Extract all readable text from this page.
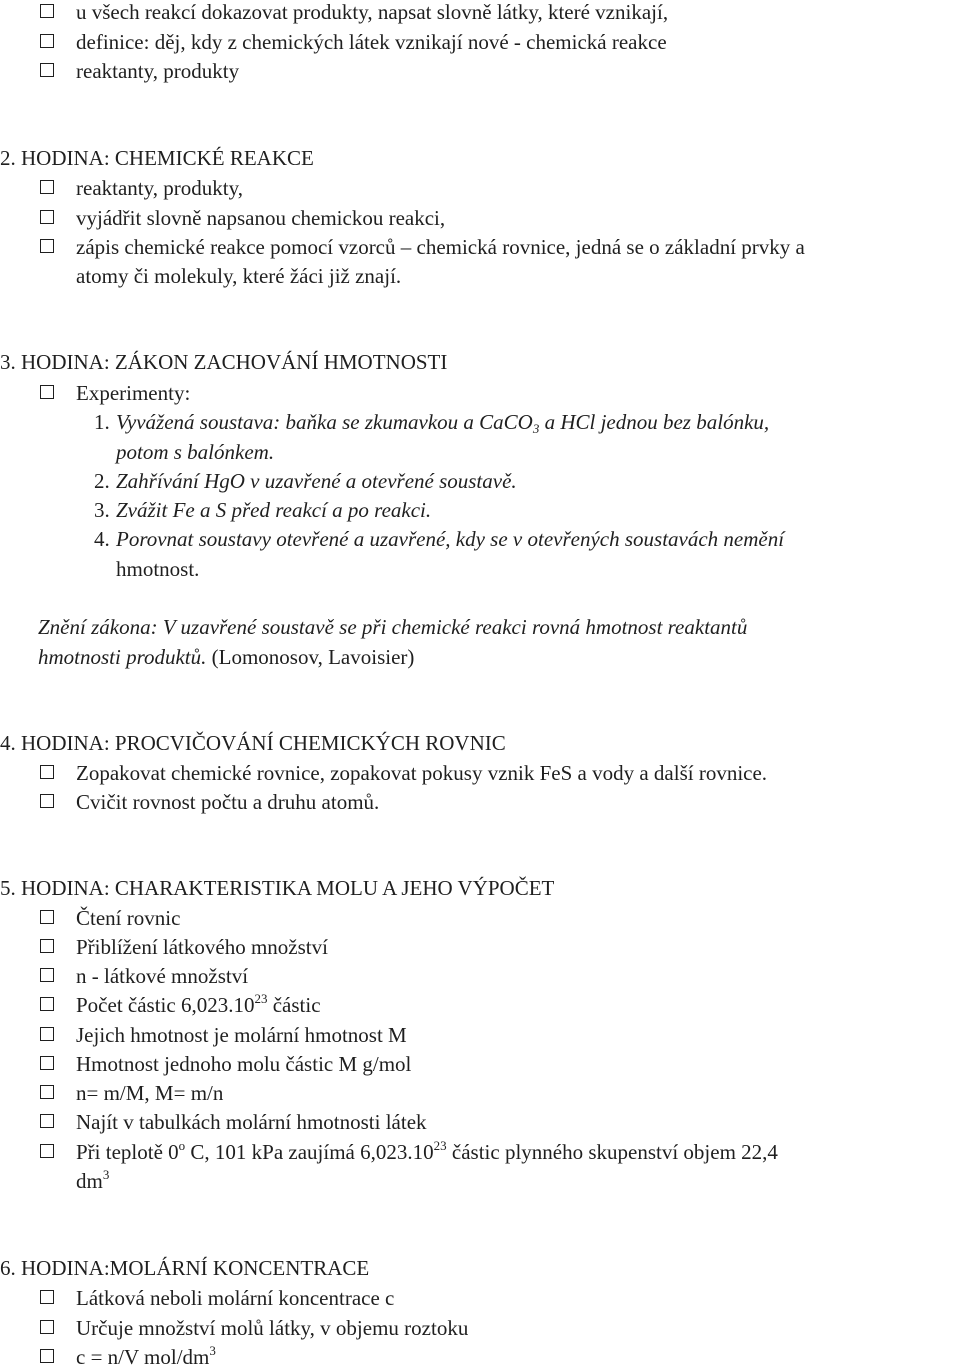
u všech reakcí dokazovat produkty, napsat slovně látky, které vznikají,
definice: děj, kdy z chemických látek vznikají nové - chemická reakce
reaktanty, produkty
2. HODINA: CHEMICKÉ REAKCE
reaktanty, produkty,
vyjádřit slovně napsanou chemickou reakci,
zápis chemické reakce pomocí vzorců – chemická rovnice, jedná se o základní prvky a
atomy či molekuly, které žáci již znají.
3. HODINA: ZÁKON ZACHOVÁNÍ HMOTNOSTI
Experimenty:
1. Vyvážená soustava: baňka se zkumavkou a CaCO$_3$ a HCl jednou bez balónku,
potom s balónkem.
2. Zahřívání HgO v uzavřené a otevřené soustavě.
3. Zvážit Fe a S před reakcí a po reakci.
4. Porovnat soustavy otevřené a uzavřené, kdy se v otevřených soustavách nemění
hmotnost.
Znění zákona: V uzavřené soustavě se při chemické reakci rovná hmotnost reaktantů
hmotnosti produktů. (Lomonosov, Lavoisier)
4. HODINA: PROCVIČOVÁNÍ CHEMICKÝCH ROVNIC
Zopakovat chemické rovnice, zopakovat pokusy vznik FeS a vody a další rovnice.
Cvičit rovnost počtu a druhu atomů.
5. HODINA: CHARAKTERISTIKA MOLU A JEHO VÝPOČET
Čtení rovnic
Přiblížení látkového množství
n - látkové množství
Počet částic 6,023.10$^{23}$ částic
Jejich hmotnost je molární hmotnost M
Hmotnost jednoho molu částic M g/mol
n= m/M, M= m/n
Najít v tabulkách molární hmotnosti látek
Při teplotě 0$^o$ C, 101 kPa zaujímá 6,023.10$^{23}$ částic plynného skupenství objem 22,4
$dm^3$
6. HODINA:MOLÁRNÍ KONCENTRACE
Látková neboli molární koncentrace c
Určuje množství molů látky, v objemu roztoku
c = n/V mol/$dm^3$
